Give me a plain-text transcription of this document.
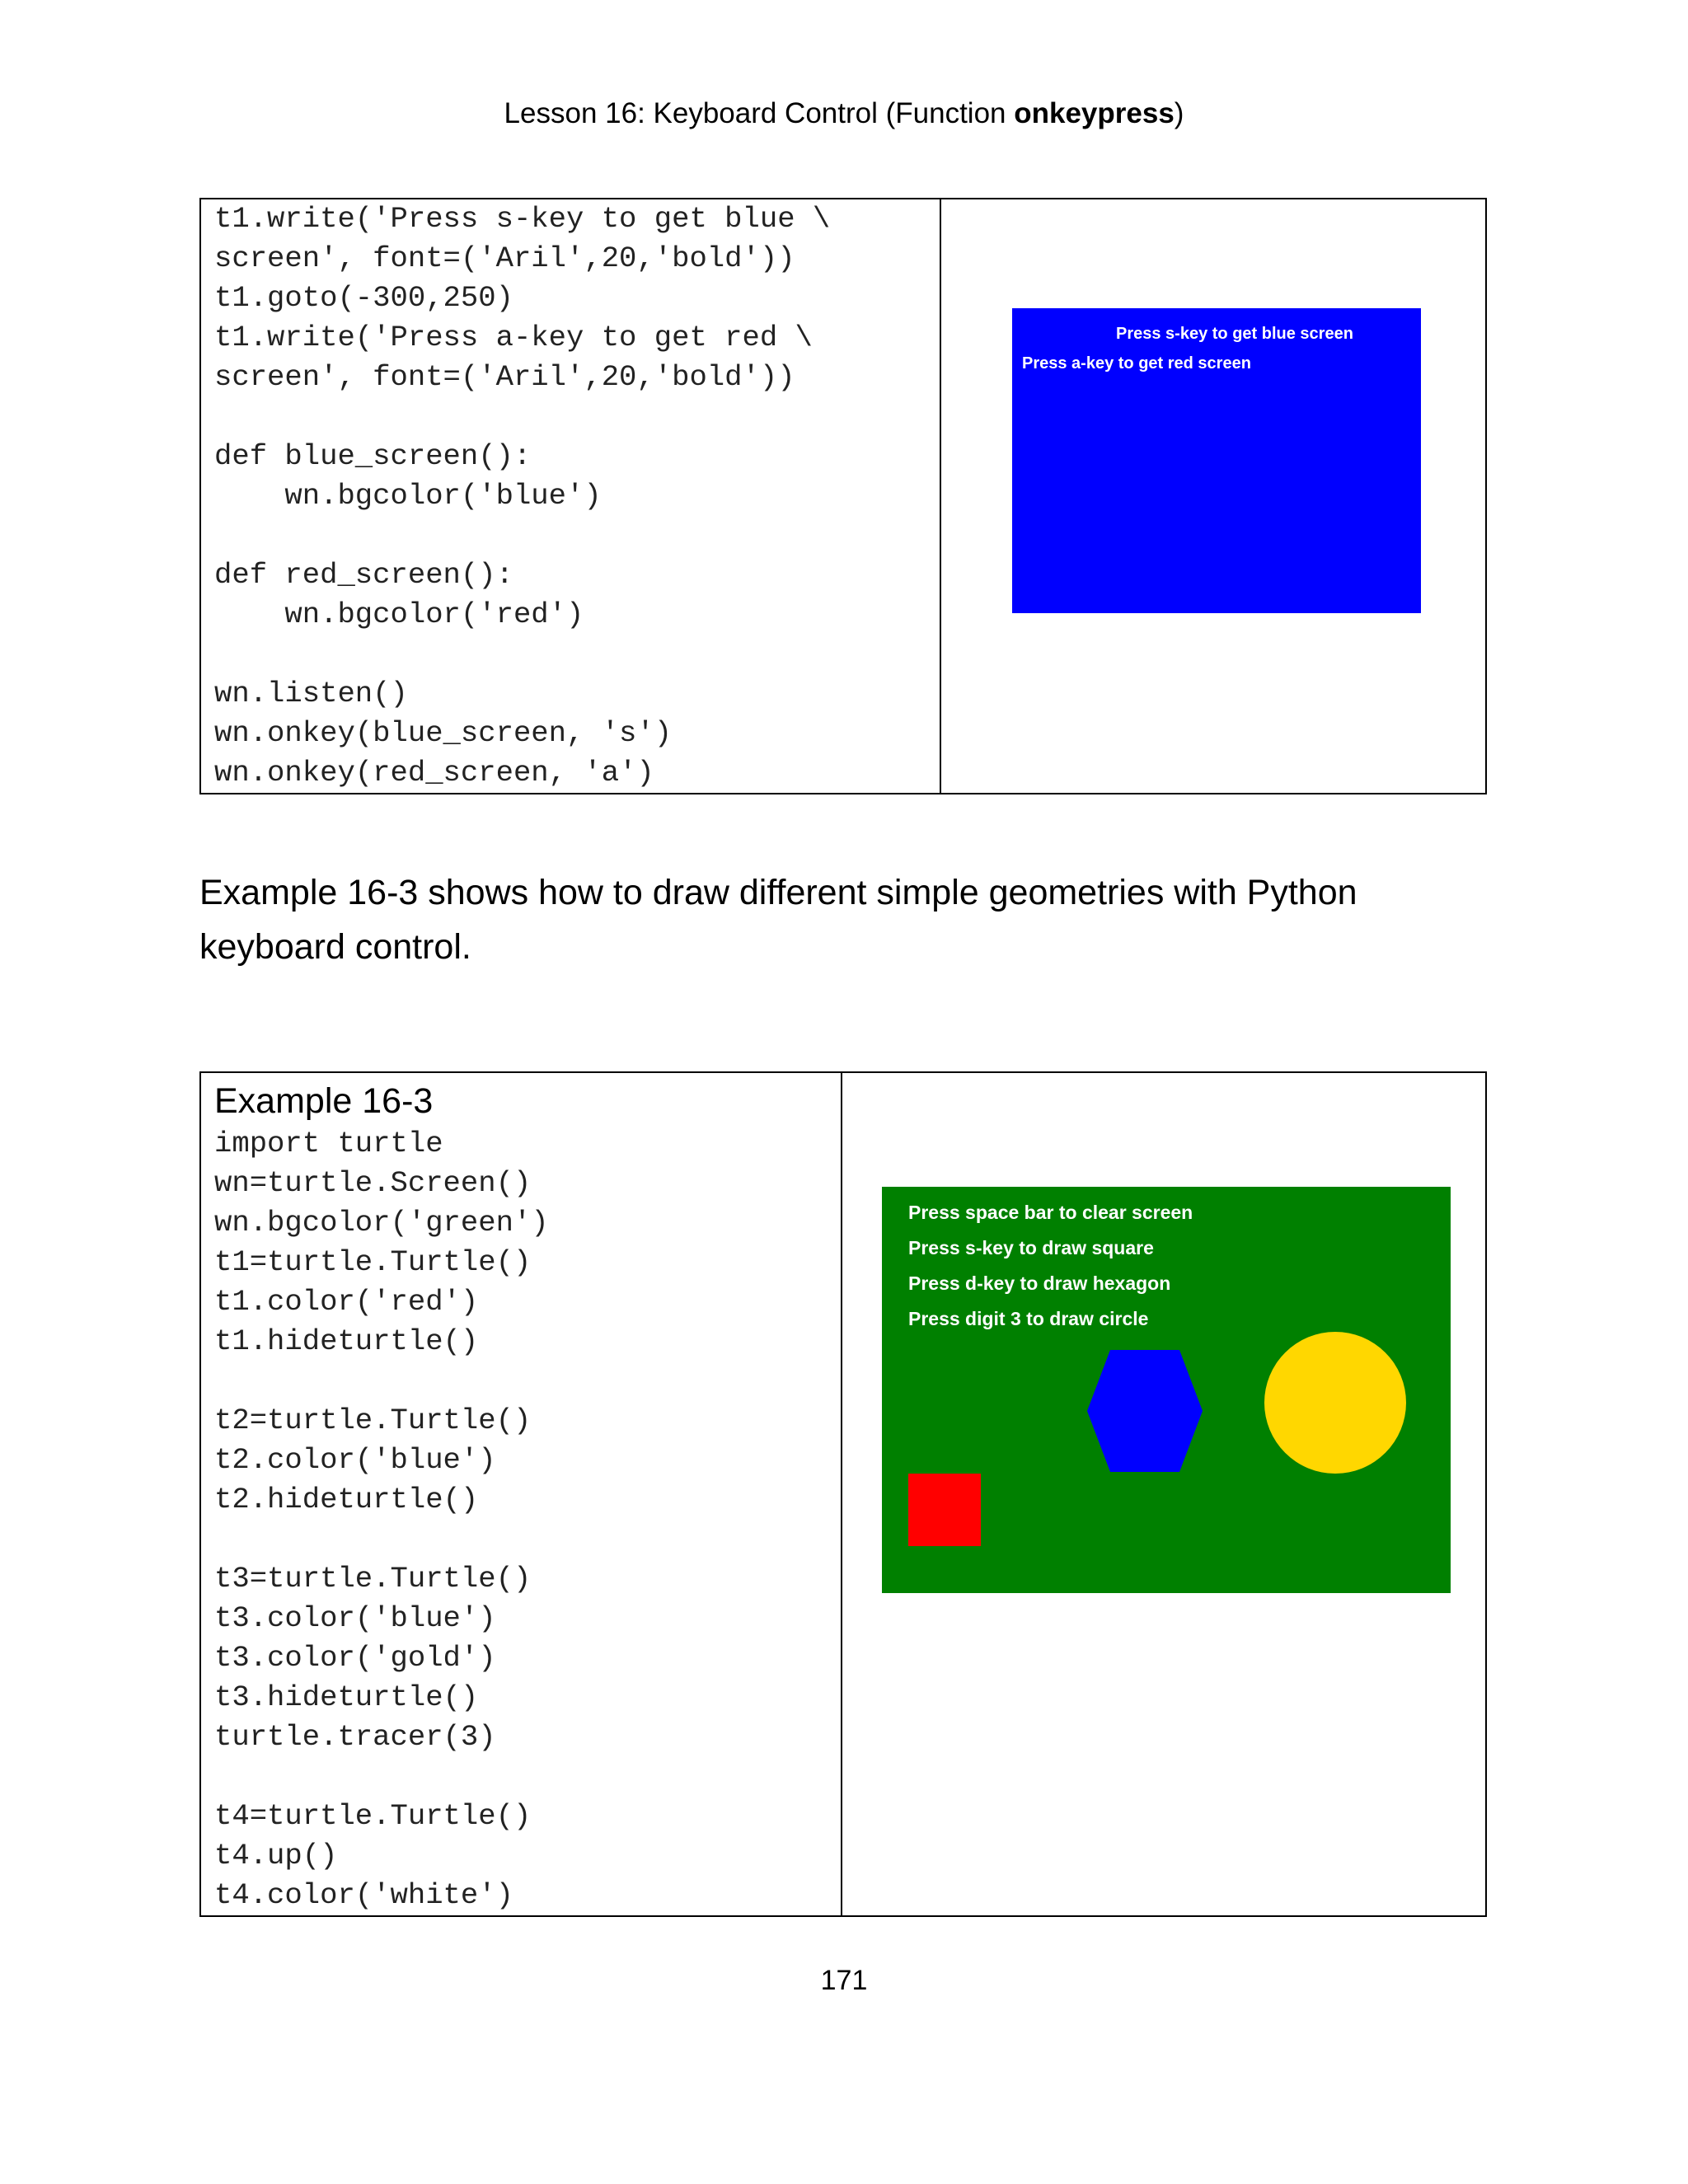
Lesson 16: Keyboard Control (Function onkeypress)
t1.write('Press s-key to get blue \
screen', font=('Aril',20,'bold'))
t1.goto(-300,250)
t1.write('Press a-key to get red \
screen', font=('Aril',20,'bold'))

def blue_screen():
wn.bgcolor('blue')

def red_screen():
wn.bgcolor('red')

wn.listen()
wn.onkey(blue_screen, 's')
wn.onkey(red_screen, 'a')

Press s-key to get blue screen
Press a-key to get red screen
Example 16-3 shows how to draw different simple geometries with Python keyboard control.
Example 16-3
import turtle
wn=turtle.Screen()
wn.bgcolor('green')
t1=turtle.Turtle()
t1.color('red')
t1.hideturtle()

t2=turtle.Turtle()
t2.color('blue')
t2.hideturtle()

t3=turtle.Turtle()
t3.color('blue')
t3.color('gold')
t3.hideturtle()
turtle.tracer(3)

t4=turtle.Turtle()
t4.up()
t4.color('white')

Press space bar to clear screen
Press s-key to draw square
Press d-key to draw hexagon
Press digit 3 to draw circle
171
